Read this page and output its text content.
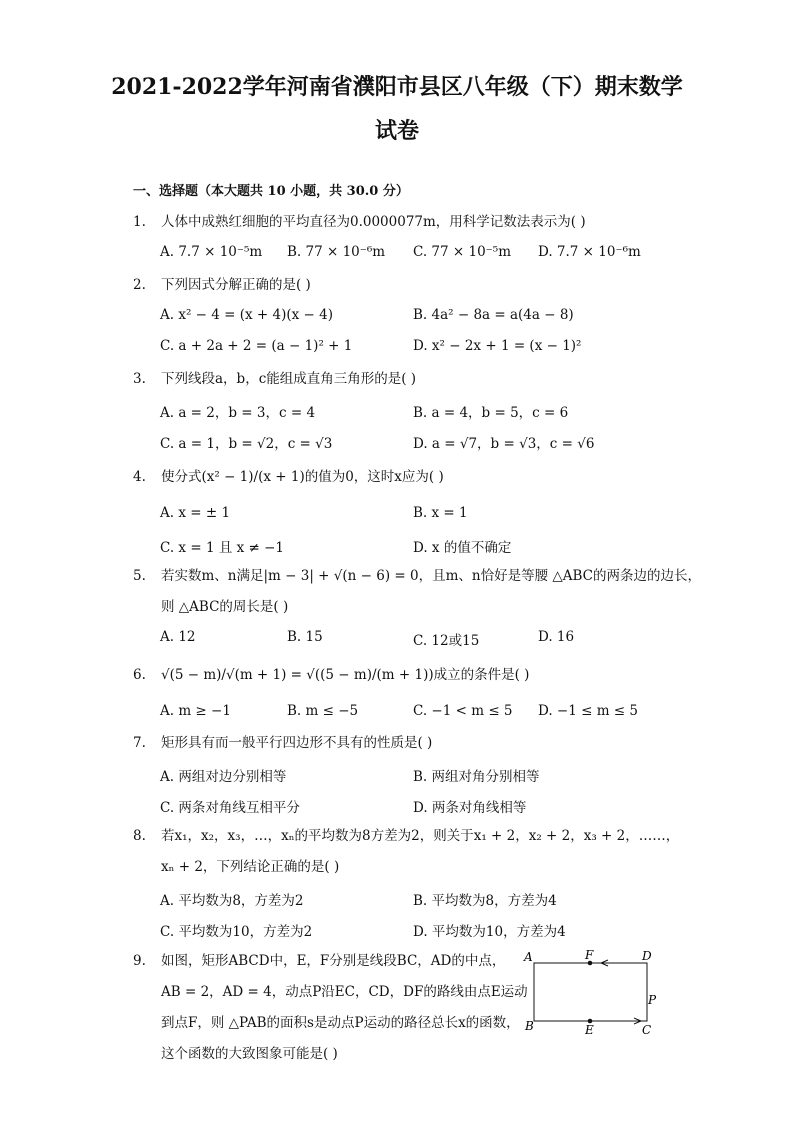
2021-2022学年河南省濮阳市县区八年级（下）期末数学
试卷
一、选择题（本大题共 10 小题，共 30.0 分）
1.	人体中成熟红细胞的平均直径为0.0000077m，用科学记数法表示为( )
A. 7.7 × 10⁻⁵m B. 77 × 10⁻⁶m C. 77 × 10⁻⁵m D. 7.7 × 10⁻⁶m
2.	下列因式分解正确的是( )
A. x² − 4 = (x + 4)(x − 4)	B. 4a² − 8a = a(4a − 8)
C. a + 2a + 2 = (a − 1)² + 1	D. x² − 2x + 1 = (x − 1)²
3.	下列线段a，b，c能组成直角三角形的是( )
A. a = 2，b = 3，c = 4	B. a = 4，b = 5，c = 6
C. a = 1，b = √2，c = √3	D. a = √7，b = √3，c = √6
4.	使分式(x² − 1)/(x + 1)的值为0，这时x应为( )
A. x = ± 1	B. x = 1
C. x = 1 且 x ≠ −1	D. x 的值不确定
5.	若实数m、n满足|m − 3| + √(n − 6) = 0，且m、n恰好是等腰 △ABC的两条边的边长，
则 △ABC的周长是( )
A. 12	B. 15	C. 12或15	D. 16
6.	√(5 − m)/√(m + 1) = √((5 − m)/(m + 1))成立的条件是( )
A. m ≥ −1	B. m ≤ −5	C. −1 < m ≤ 5 D. −1 ≤ m ≤ 5
7.	矩形具有而一般平行四边形不具有的性质是( )
A. 两组对边分别相等	B. 两组对角分别相等
C. 两条对角线互相平分	D. 两条对角线相等
8.	若x₁，x₂，x₃，…，xₙ的平均数为8方差为2，则关于x₁ + 2，x₂ + 2，x₃ + 2，……，
xₙ + 2，下列结论正确的是( )
A. 平均数为8，方差为2	B. 平均数为8，方差为4
C. 平均数为10，方差为2	D. 平均数为10，方差为4
9.	如图，矩形ABCD中，E，F分别是线段BC，AD的中点，
AB = 2，AD = 4，动点P沿EC，CD，DF的路线由点E运动
到点F，则 △PAB的面积s是动点P运动的路径总长x的函数，
这个函数的大致图象可能是( )
A	F	D
P
B	E	C
